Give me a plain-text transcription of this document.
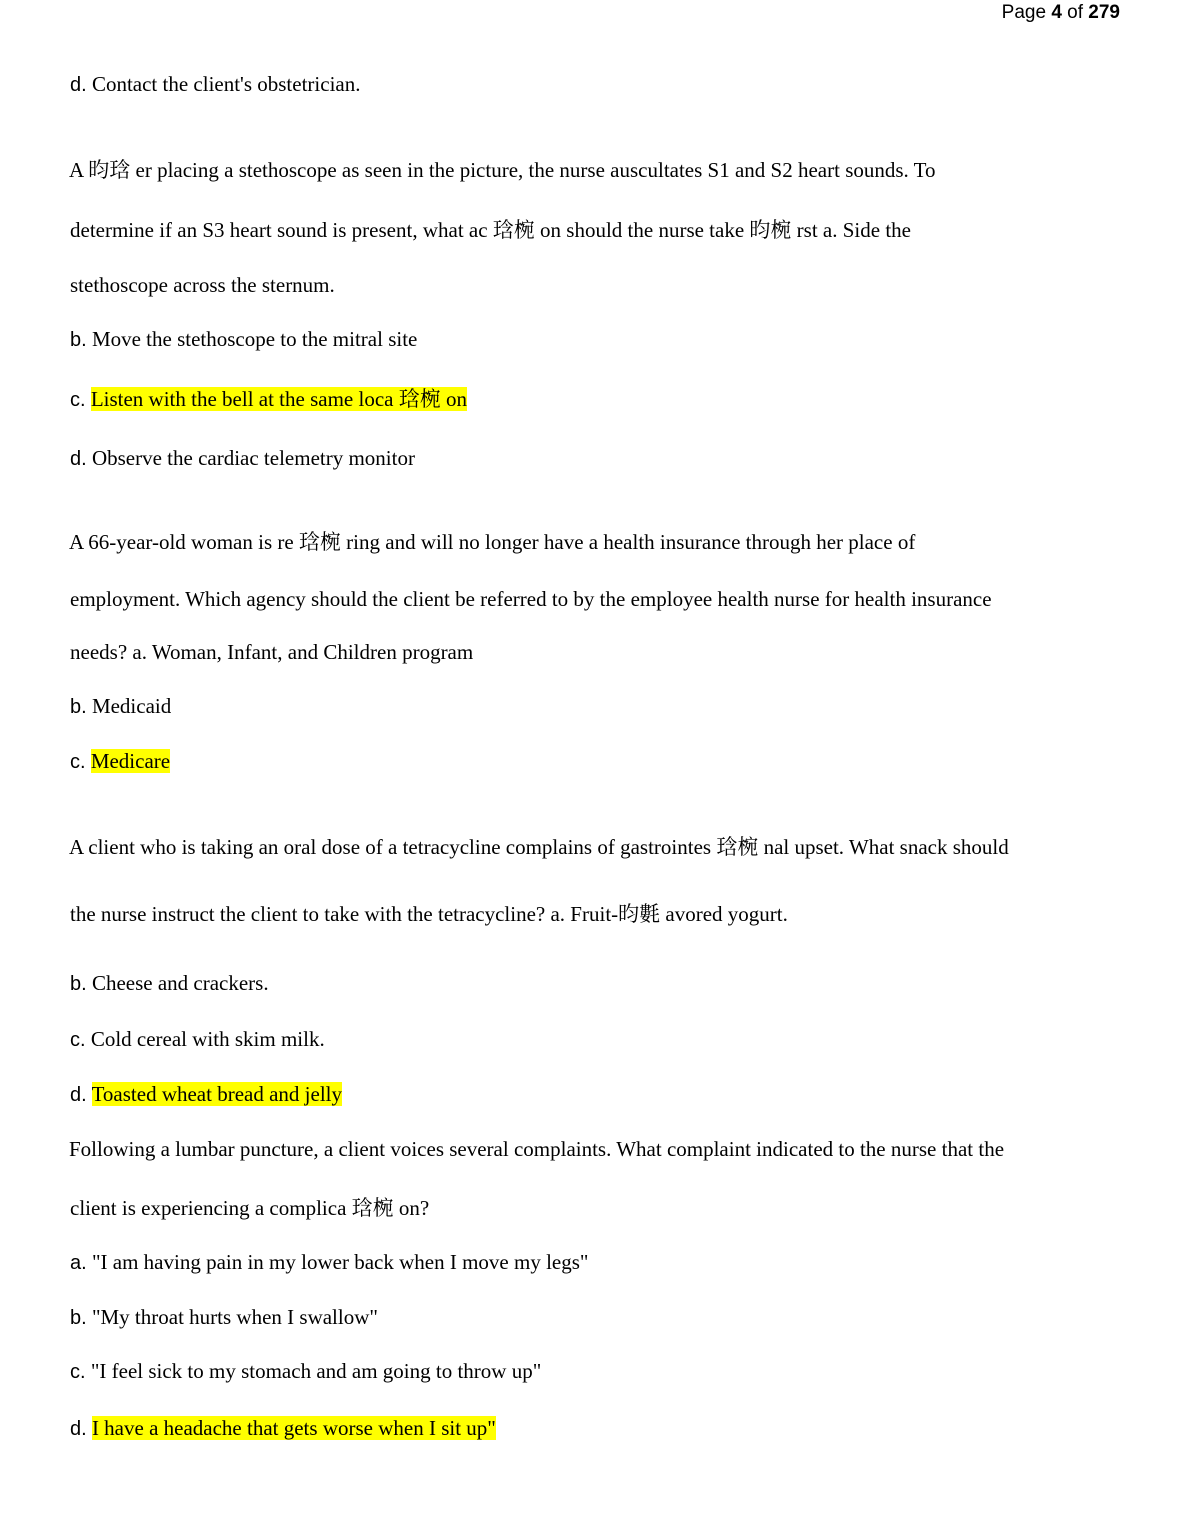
Page 4 of 279
d. Contact the client's obstetrician.
A 昀琀 er placing a stethoscope as seen in the picture, the nurse auscultates S1 and S2 heart sounds. To
determine if an S3 heart sound is present, what ac 琀椀 on should the nurse take 昀椀 rst a. Side the
stethoscope across the sternum.
b. Move the stethoscope to the mitral site
c. Listen with the bell at the same loca 琀椀 on
d. Observe the cardiac telemetry monitor
A 66-year-old woman is re 琀椀 ring and will no longer have a health insurance through her place of
employment. Which agency should the client be referred to by the employee health nurse for health insurance
needs? a. Woman, Infant, and Children program
b. Medicaid
c. Medicare
A client who is taking an oral dose of a tetracycline complains of gastrointes 琀椀 nal upset. What snack should
the nurse instruct the client to take with the tetracycline? a. Fruit-昀氀 avored yogurt.
b. Cheese and crackers.
c. Cold cereal with skim milk.
d. Toasted wheat bread and jelly
Following a lumbar puncture, a client voices several complaints. What complaint indicated to the nurse that the
client is experiencing a complica 琀椀 on?
a. "I am having pain in my lower back when I move my legs"
b. "My throat hurts when I swallow"
c. "I feel sick to my stomach and am going to throw up"
d. I have a headache that gets worse when I sit up"
